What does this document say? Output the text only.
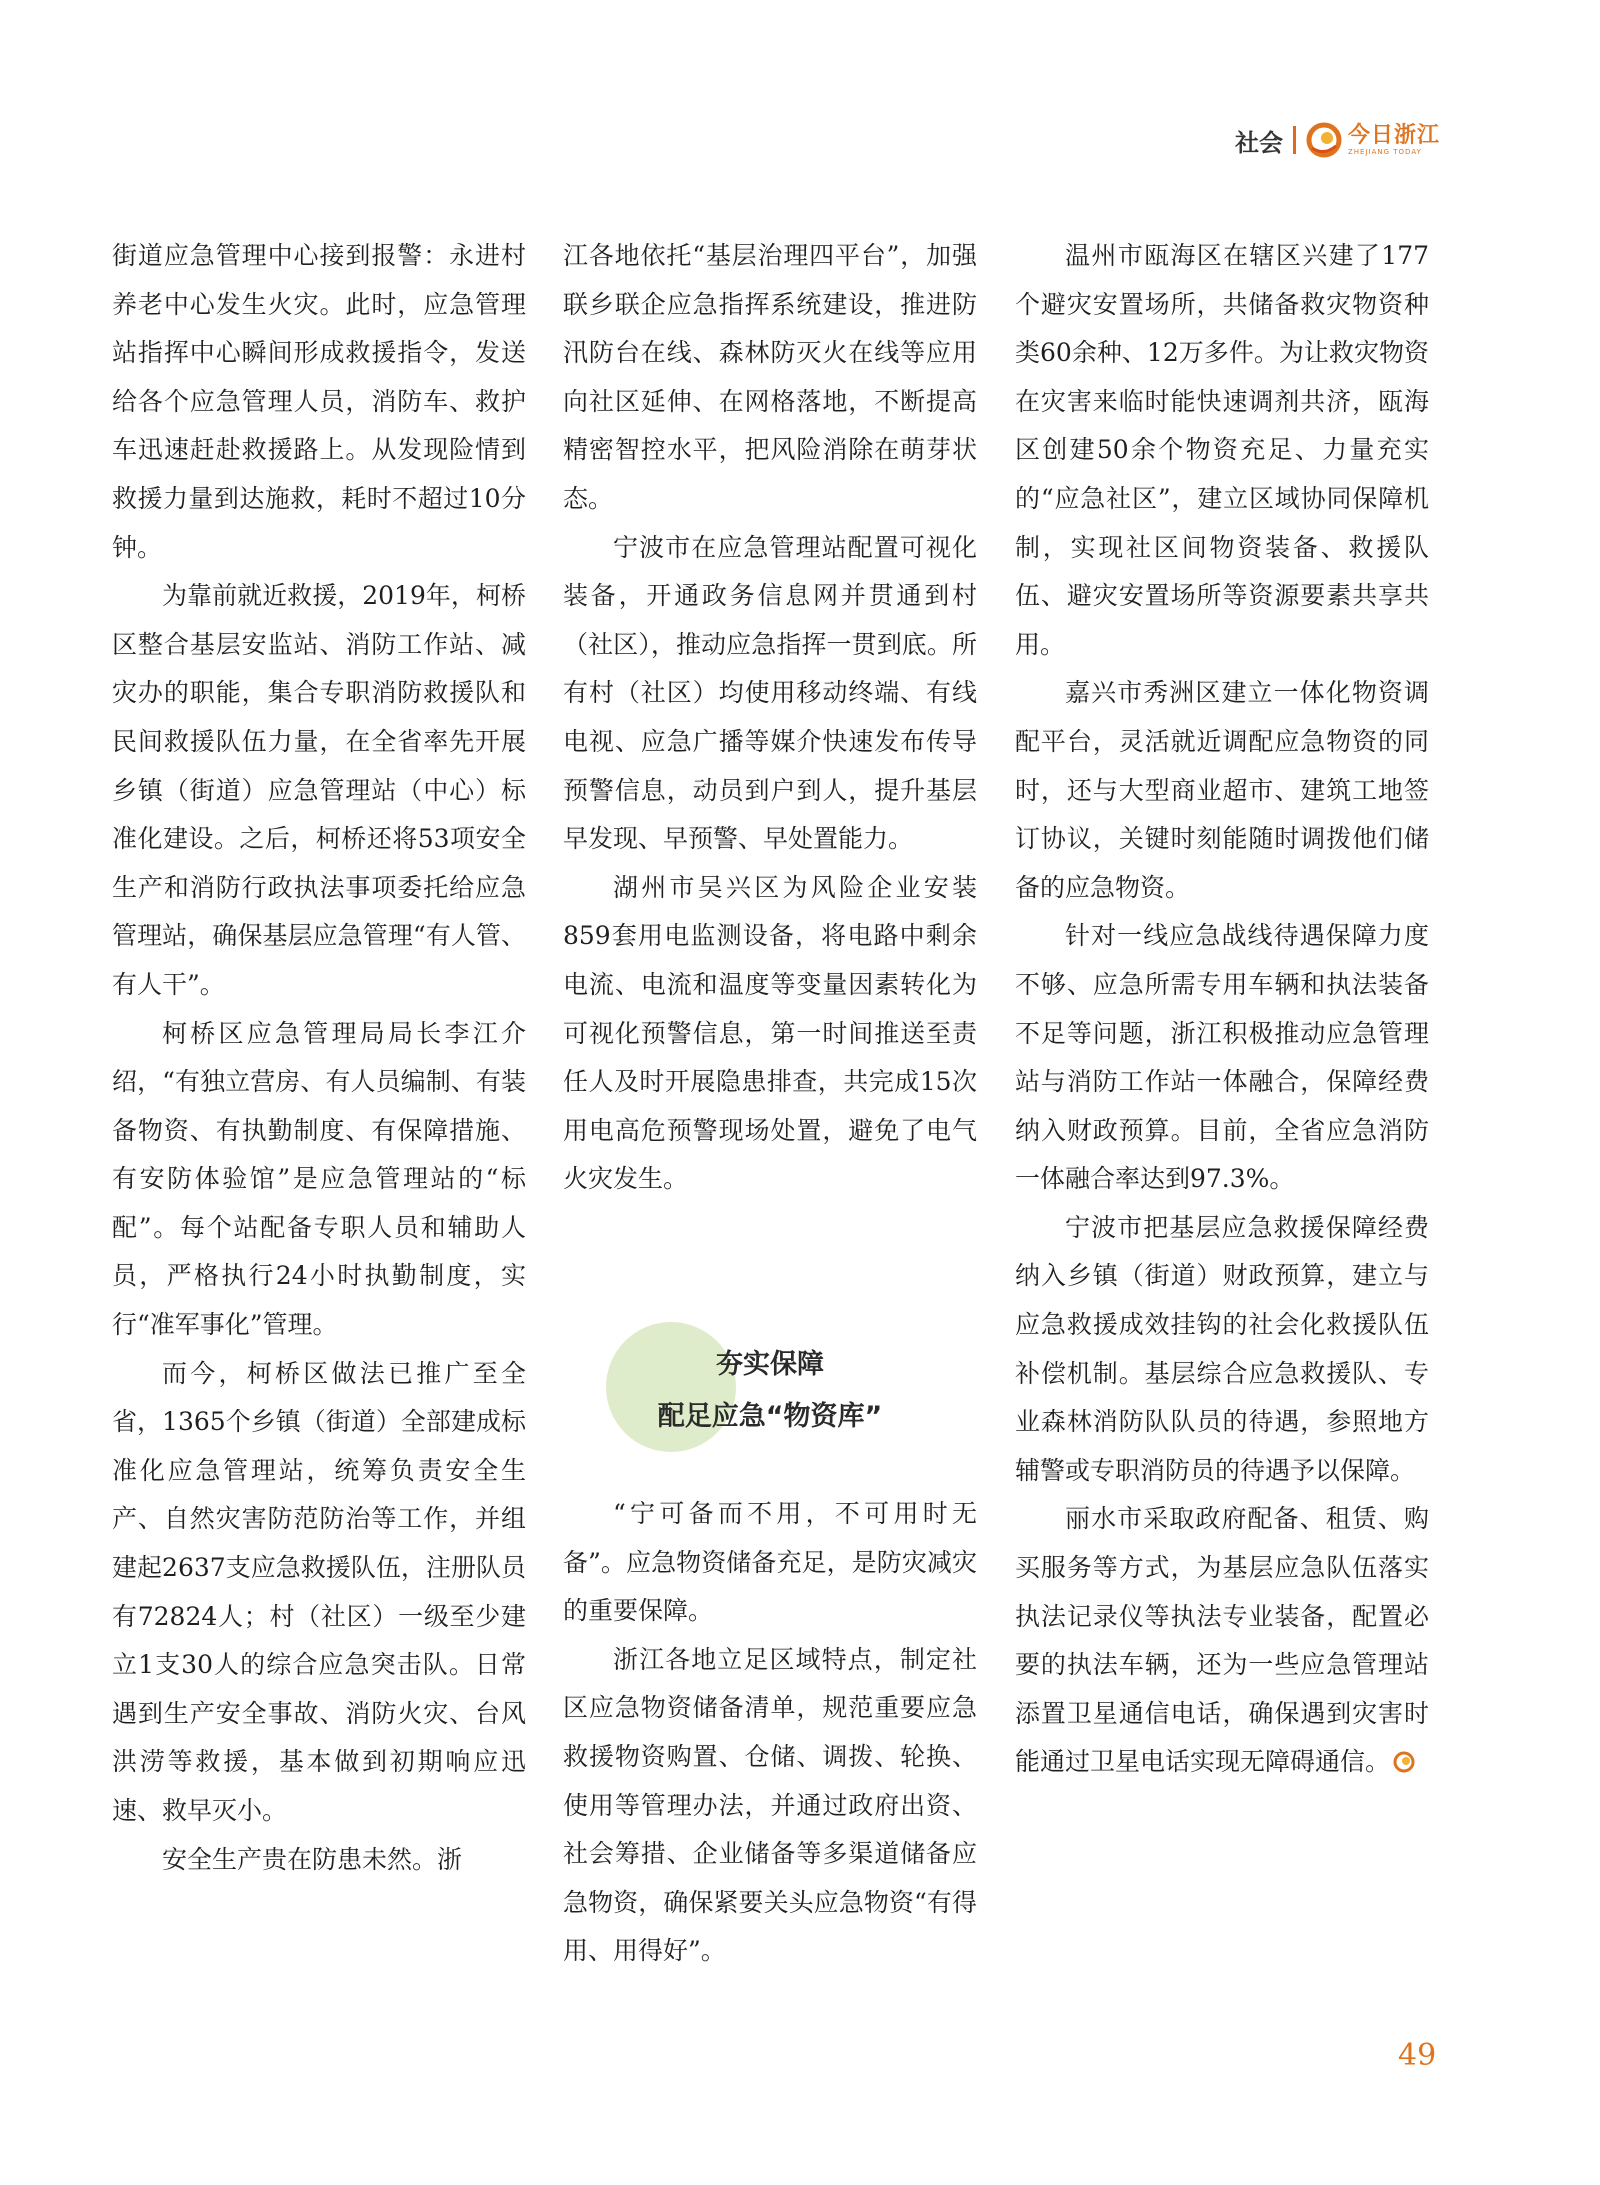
社会	今日浙江
ZHEJIANG TODAY

街道应急管理中心接到报警：永进村养老中心发生火灾。此时，应急管理站指挥中心瞬间形成救援指令，发送给各个应急管理人员，消防车、救护车迅速赶赴救援路上。从发现险情到救援力量到达施救，耗时不超过10分钟。

为靠前就近救援，2019年，柯桥区整合基层安监站、消防工作站、减灾办的职能，集合专职消防救援队和民间救援队伍力量，在全省率先开展乡镇（街道）应急管理站（中心）标准化建设。之后，柯桥还将53项安全生产和消防行政执法事项委托给应急管理站，确保基层应急管理“有人管、有人干”。

柯桥区应急管理局局长李江介绍，“有独立营房、有人员编制、有装备物资、有执勤制度、有保障措施、有安防体验馆”是应急管理站的“标配”。每个站配备专职人员和辅助人员，严格执行24小时执勤制度，实行“准军事化”管理。

而今，柯桥区做法已推广至全省，1365个乡镇（街道）全部建成标准化应急管理站，统筹负责安全生产、自然灾害防范防治等工作，并组建起2637支应急救援队伍，注册队员有72824人；村（社区）一级至少建立1支30人的综合应急突击队。日常遇到生产安全事故、消防火灾、台风洪涝等救援，基本做到初期响应迅速、救早灭小。

安全生产贵在防患未然。浙

江各地依托“基层治理四平台”，加强联乡联企应急指挥系统建设，推进防汛防台在线、森林防灭火在线等应用向社区延伸、在网格落地，不断提高精密智控水平，把风险消除在萌芽状态。

宁波市在应急管理站配置可视化装备，开通政务信息网并贯通到村（社区），推动应急指挥一贯到底。所有村（社区）均使用移动终端、有线电视、应急广播等媒介快速发布传导预警信息，动员到户到人，提升基层早发现、早预警、早处置能力。

湖州市吴兴区为风险企业安装859套用电监测设备，将电路中剩余电流、电流和温度等变量因素转化为可视化预警信息，第一时间推送至责任人及时开展隐患排查，共完成15次用电高危预警现场处置，避免了电气火灾发生。

夯实保障
配足应急“物资库”

“宁可备而不用，不可用时无备”。应急物资储备充足，是防灾减灾的重要保障。

浙江各地立足区域特点，制定社区应急物资储备清单，规范重要应急救援物资购置、仓储、调拨、轮换、使用等管理办法，并通过政府出资、社会筹措、企业储备等多渠道储备应急物资，确保紧要关头应急物资“有得用、用得好”。

温州市瓯海区在辖区兴建了177个避灾安置场所，共储备救灾物资种类60余种、12万多件。为让救灾物资在灾害来临时能快速调剂共济，瓯海区创建50余个物资充足、力量充实的“应急社区”，建立区域协同保障机制，实现社区间物资装备、救援队伍、避灾安置场所等资源要素共享共用。

嘉兴市秀洲区建立一体化物资调配平台，灵活就近调配应急物资的同时，还与大型商业超市、建筑工地签订协议，关键时刻能随时调拨他们储备的应急物资。

针对一线应急战线待遇保障力度不够、应急所需专用车辆和执法装备不足等问题，浙江积极推动应急管理站与消防工作站一体融合，保障经费纳入财政预算。目前，全省应急消防一体融合率达到97.3%。

宁波市把基层应急救援保障经费纳入乡镇（街道）财政预算，建立与应急救援成效挂钩的社会化救援队伍补偿机制。基层综合应急救援队、专业森林消防队队员的待遇，参照地方辅警或专职消防员的待遇予以保障。

丽水市采取政府配备、租赁、购买服务等方式，为基层应急队伍落实执法记录仪等执法专业装备，配置必要的执法车辆，还为一些应急管理站添置卫星通信电话，确保遇到灾害时能通过卫星电话实现无障碍通信。

49
